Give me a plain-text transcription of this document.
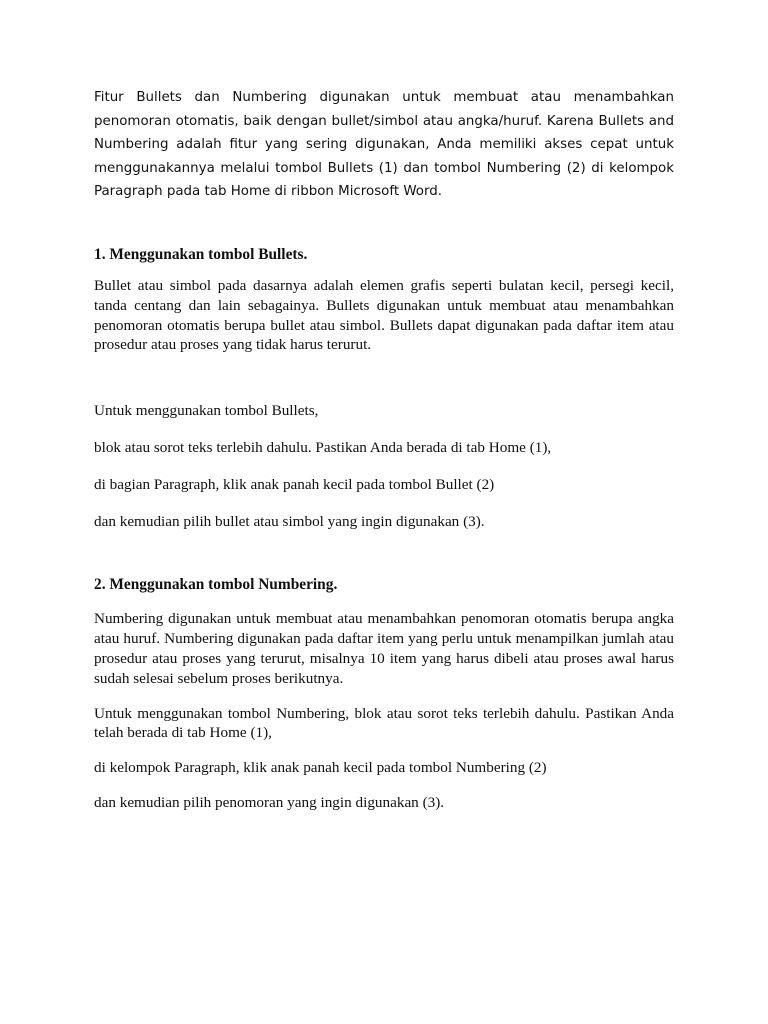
Fitur Bullets dan Numbering digunakan untuk membuat atau menambahkan penomoran otomatis, baik dengan bullet/simbol atau angka/huruf. Karena Bullets and Numbering adalah fitur yang sering digunakan, Anda memiliki akses cepat untuk menggunakannya melalui tombol Bullets (1) dan tombol Numbering (2) di kelompok Paragraph pada tab Home di ribbon Microsoft Word.

1. Menggunakan tombol Bullets.

Bullet atau simbol pada dasarnya adalah elemen grafis seperti bulatan kecil, persegi kecil, tanda centang dan lain sebagainya. Bullets digunakan untuk membuat atau menambahkan penomoran otomatis berupa bullet atau simbol. Bullets dapat digunakan pada daftar item atau prosedur atau proses yang tidak harus terurut.

Untuk menggunakan tombol Bullets,

blok atau sorot teks terlebih dahulu. Pastikan Anda berada di tab Home (1),

di bagian Paragraph, klik anak panah kecil pada tombol Bullet (2)

dan kemudian pilih bullet atau simbol yang ingin digunakan (3).

2. Menggunakan tombol Numbering.

Numbering digunakan untuk membuat atau menambahkan penomoran otomatis berupa angka atau huruf. Numbering digunakan pada daftar item yang perlu untuk menampilkan jumlah atau prosedur atau proses yang terurut, misalnya 10 item yang harus dibeli atau proses awal harus sudah selesai sebelum proses berikutnya.

Untuk menggunakan tombol Numbering, blok atau sorot teks terlebih dahulu. Pastikan Anda telah berada di tab Home (1),

di kelompok Paragraph, klik anak panah kecil pada tombol Numbering (2)

dan kemudian pilih penomoran yang ingin digunakan (3).
